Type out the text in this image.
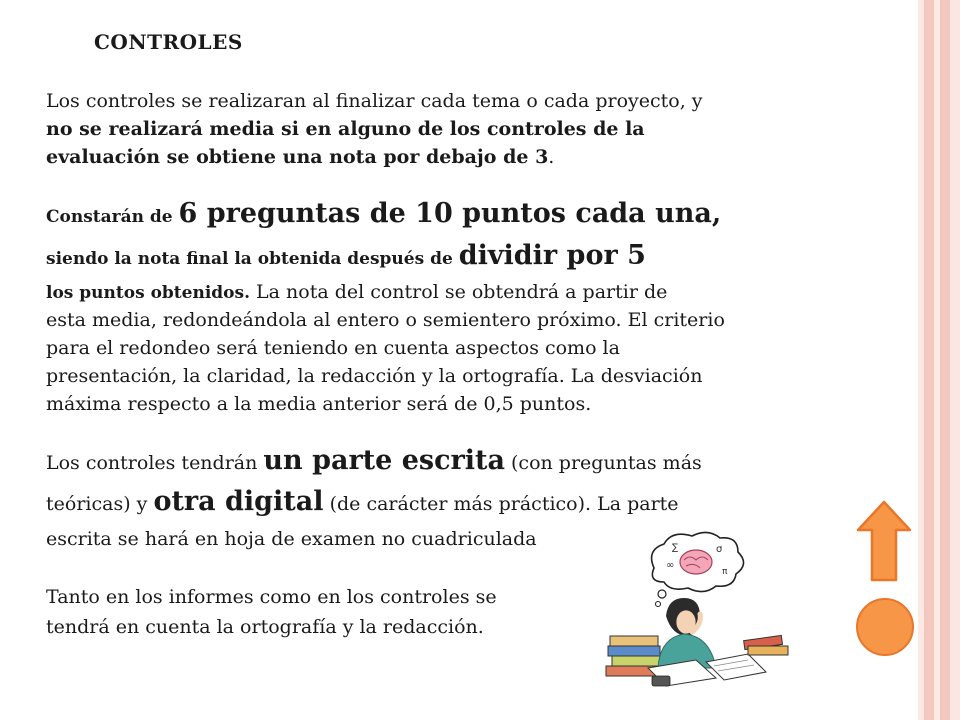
CONTROLES
Los controles se realizaran al finalizar cada tema o cada proyecto, y
no se realizará media si en alguno de los controles de la
evaluación se obtiene una nota por debajo de 3.
Constarán de 6 preguntas de 10 puntos cada una,
siendo la nota final la obtenida después de dividir por 5
los puntos obtenidos. La nota del control se obtendrá a partir de
esta media, redondeándola al entero o semientero próximo. El criterio
para el redondeo será teniendo en cuenta aspectos como la
presentación, la claridad, la redacción y la ortografía. La desviación
máxima respecto a la media anterior será de 0,5 puntos.
Los controles tendrán un parte escrita (con preguntas más
teóricas) y otra digital (de carácter más práctico). La parte
escrita se hará en hoja de examen no cuadriculada
Tanto en los informes como en los controles se
tendrá en cuenta la ortografía y la redacción.
∞
σ
∑
π
